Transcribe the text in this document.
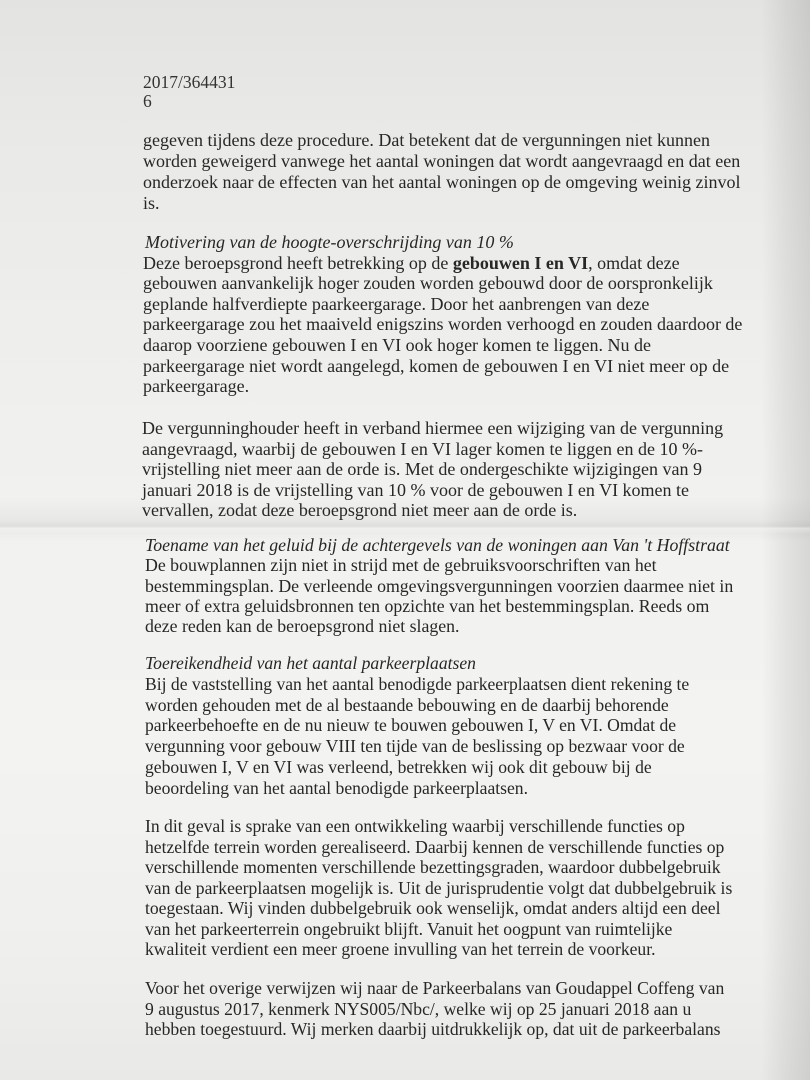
2017/364431
6
gegeven tijdens deze procedure. Dat betekent dat de vergunningen niet kunnen
worden geweigerd vanwege het aantal woningen dat wordt aangevraagd en dat een
onderzoek naar de effecten van het aantal woningen op de omgeving weinig zinvol
is.
Motivering van de hoogte-overschrijding van 10 %
Deze beroepsgrond heeft betrekking op de gebouwen I en VI, omdat deze
gebouwen aanvankelijk hoger zouden worden gebouwd door de oorspronkelijk
geplande halfverdiepte paarkeergarage. Door het aanbrengen van deze
parkeergarage zou het maaiveld enigszins worden verhoogd en zouden daardoor de
daarop voorziene gebouwen I en VI ook hoger komen te liggen. Nu de
parkeergarage niet wordt aangelegd, komen de gebouwen I en VI niet meer op de
parkeergarage.
De vergunninghouder heeft in verband hiermee een wijziging van de vergunning
aangevraagd, waarbij de gebouwen I en VI lager komen te liggen en de 10 %-
vrijstelling niet meer aan de orde is. Met de ondergeschikte wijzigingen van 9
januari 2018 is de vrijstelling van 10 % voor de gebouwen I en VI komen te
vervallen, zodat deze beroepsgrond niet meer aan de orde is.
Toename van het geluid bij de achtergevels van de woningen aan Van 't Hoffstraat
De bouwplannen zijn niet in strijd met de gebruiksvoorschriften van het
bestemmingsplan. De verleende omgevingsvergunningen voorzien daarmee niet in
meer of extra geluidsbronnen ten opzichte van het bestemmingsplan. Reeds om
deze reden kan de beroepsgrond niet slagen.
Toereikendheid van het aantal parkeerplaatsen
Bij de vaststelling van het aantal benodigde parkeerplaatsen dient rekening te
worden gehouden met de al bestaande bebouwing en de daarbij behorende
parkeerbehoefte en de nu nieuw te bouwen gebouwen I, V en VI. Omdat de
vergunning voor gebouw VIII ten tijde van de beslissing op bezwaar voor de
gebouwen I, V en VI was verleend, betrekken wij ook dit gebouw bij de
beoordeling van het aantal benodigde parkeerplaatsen.
In dit geval is sprake van een ontwikkeling waarbij verschillende functies op
hetzelfde terrein worden gerealiseerd. Daarbij kennen de verschillende functies op
verschillende momenten verschillende bezettingsgraden, waardoor dubbelgebruik
van de parkeerplaatsen mogelijk is. Uit de jurisprudentie volgt dat dubbelgebruik is
toegestaan. Wij vinden dubbelgebruik ook wenselijk, omdat anders altijd een deel
van het parkeerterrein ongebruikt blijft. Vanuit het oogpunt van ruimtelijke
kwaliteit verdient een meer groene invulling van het terrein de voorkeur.
Voor het overige verwijzen wij naar de Parkeerbalans van Goudappel Coffeng van
9 augustus 2017, kenmerk NYS005/Nbc/, welke wij op 25 januari 2018 aan u
hebben toegestuurd. Wij merken daarbij uitdrukkelijk op, dat uit de parkeerbalans
